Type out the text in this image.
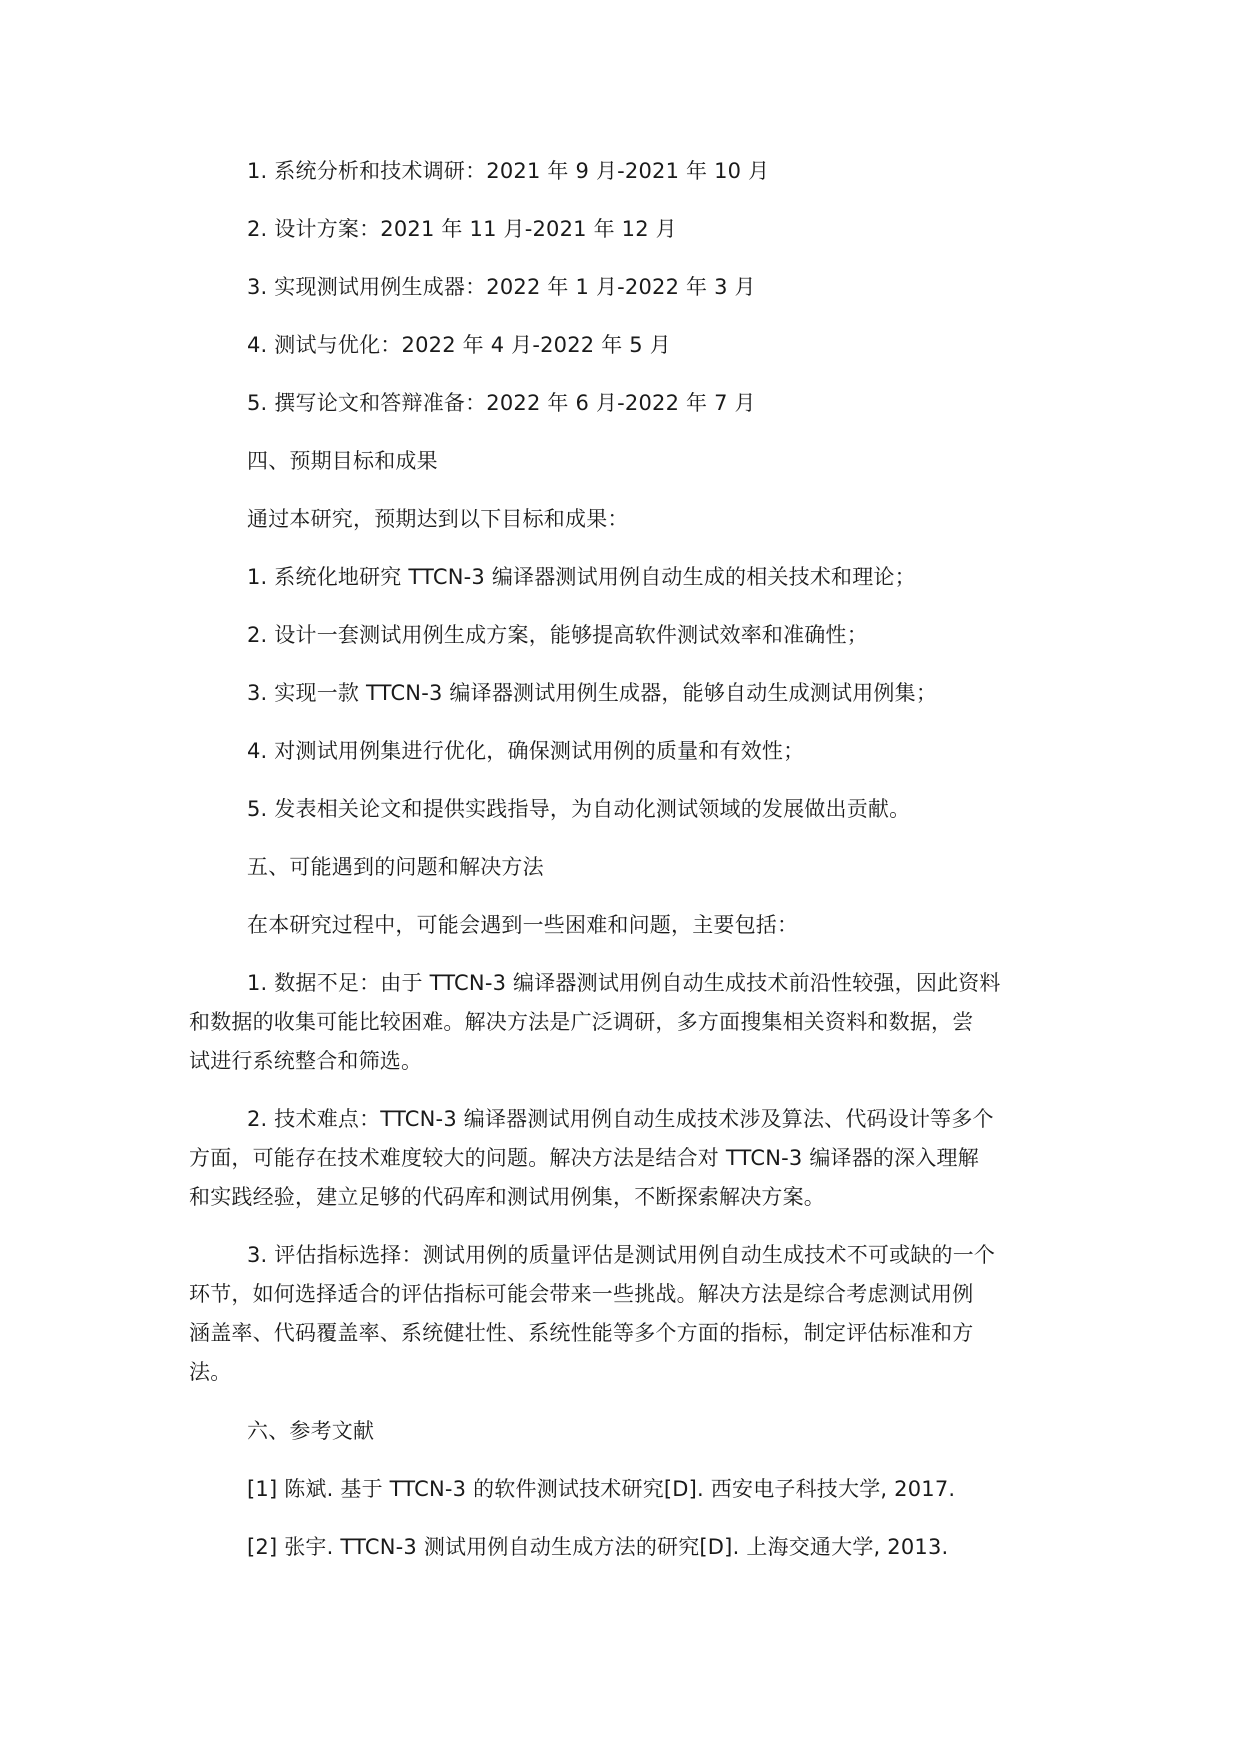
1. 系统分析和技术调研：2021 年 9 月-2021 年 10 月
2. 设计方案：2021 年 11 月-2021 年 12 月
3. 实现测试用例生成器：2022 年 1 月-2022 年 3 月
4. 测试与优化：2022 年 4 月-2022 年 5 月
5. 撰写论文和答辩准备：2022 年 6 月-2022 年 7 月
四、预期目标和成果
通过本研究，预期达到以下目标和成果：
1. 系统化地研究 TTCN-3 编译器测试用例自动生成的相关技术和理论；
2. 设计一套测试用例生成方案，能够提高软件测试效率和准确性；
3. 实现一款 TTCN-3 编译器测试用例生成器，能够自动生成测试用例集；
4. 对测试用例集进行优化，确保测试用例的质量和有效性；
5. 发表相关论文和提供实践指导，为自动化测试领域的发展做出贡献。
五、可能遇到的问题和解决方法
在本研究过程中，可能会遇到一些困难和问题，主要包括：
1. 数据不足：由于 TTCN-3 编译器测试用例自动生成技术前沿性较强，因此资料
和数据的收集可能比较困难。解决方法是广泛调研，多方面搜集相关资料和数据，尝
试进行系统整合和筛选。
2. 技术难点：TTCN-3 编译器测试用例自动生成技术涉及算法、代码设计等多个
方面，可能存在技术难度较大的问题。解决方法是结合对 TTCN-3 编译器的深入理解
和实践经验，建立足够的代码库和测试用例集，不断探索解决方案。
3. 评估指标选择：测试用例的质量评估是测试用例自动生成技术不可或缺的一个
环节，如何选择适合的评估指标可能会带来一些挑战。解决方法是综合考虑测试用例
涵盖率、代码覆盖率、系统健壮性、系统性能等多个方面的指标，制定评估标准和方
法。
六、参考文献
[1] 陈斌. 基于 TTCN-3 的软件测试技术研究[D]. 西安电子科技大学, 2017.
[2] 张宇. TTCN-3 测试用例自动生成方法的研究[D]. 上海交通大学, 2013.
